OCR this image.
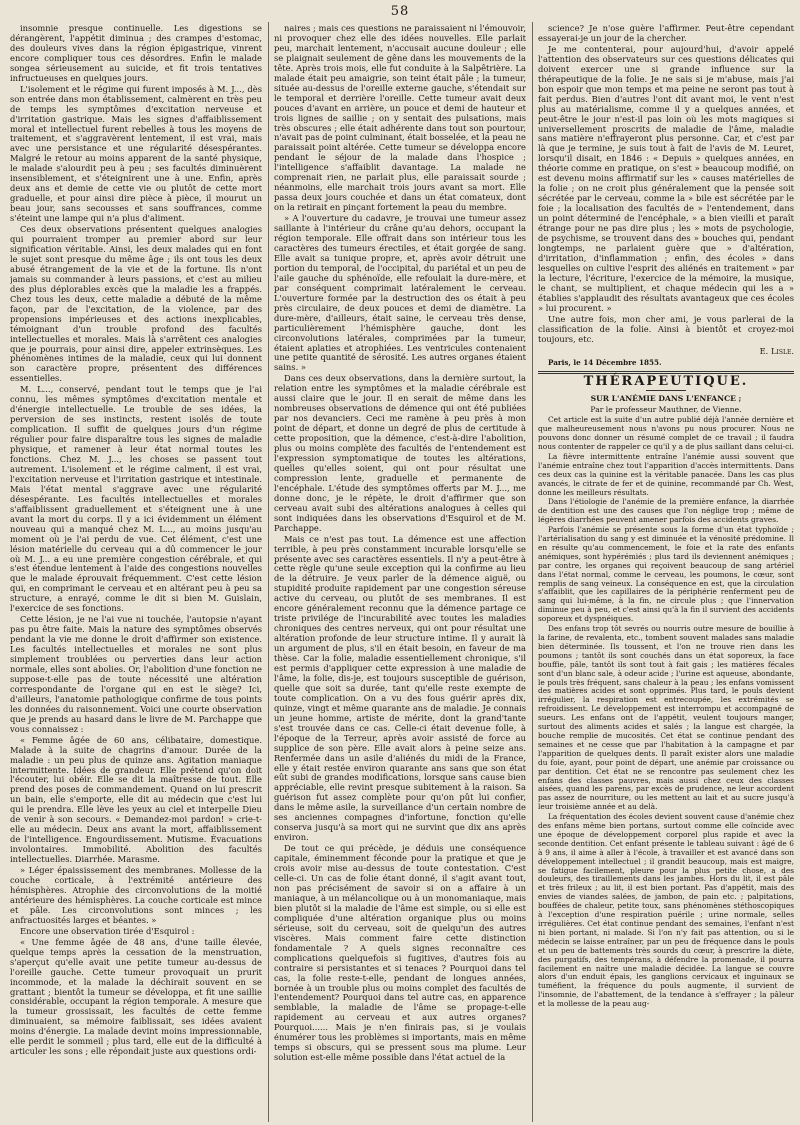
58

insomnie presque continuelle. Les digestions se dérangèrent, l'appétit diminua ; des crampes d'estomac, des douleurs vives dans la région épigastrique, vinrent encore compliquer tous ces désordres. Enfin le malade songea sérieusement au suicide, et fit trois tentatives infructueuses en quelques jours.

L'isolement et le régime qui furent imposés à M. J..., dès son entrée dans mon établissement, calmèrent en très peu de temps les symptômes d'excitation nerveuse et d'irritation gastrique. Mais les signes d'affaiblissement moral et intellectuel furent rebelles à tous les moyens de traitement, et s'aggravèrent lentement, il est vrai, mais avec une persistance et une régularité désespérantes. Malgré le retour au moins apparent de la santé physique, le malade s'alourdit peu à peu ; ses facultés diminuèrent insensiblement, et s'éteignirent une à une. Enfin, après deux ans et demie de cette vie ou plutôt de cette mort graduelle, et pour ainsi dire pièce à pièce, il mourut un beau jour, sans secousses et sans souffrances, comme s'éteint une lampe qui n'a plus d'aliment.

Ces deux observations présentent quelques analogies qui pourraient tromper au premier abord sur leur signification véritable. Ainsi, les deux malades qui en font le sujet sont presque du même âge ; ils ont tous les deux abusé étrangement de la vie et de la fortune. Ils n'ont jamais su commander à leurs passions, et c'est au milieu des plus déplorables excès que la maladie les a frappés. Chez tous les deux, cette maladie a débuté de la même façon, par de l'excitation, de la violence, par des propensions impérieuses et des actions inexplicables, témoignant d'un trouble profond des facultés intellectuelles et morales. Mais là s'arrêtent ces analogies que je pourrais, pour ainsi dire, appeler extrinsèques. Les phénomènes intimes de la maladie, ceux qui lui donnent son caractère propre, présentent des différences essentielles.

M. L..., conservé, pendant tout le temps que je l'ai connu, les mêmes symptômes d'excitation mentale et d'énergie intellectuelle. Le trouble de ses idées, la perversion de ses instincts, restent isolés de toute complication. Il suffit de quelques jours d'un régime régulier pour faire disparaître tous les signes de maladie physique, et ramener à leur état normal toutes les fonctions. Chez M. J..., les choses se passent tout autrement. L'isolement et le régime calment, il est vrai, l'excitation nerveuse et l'irritation gastrique et intestinale. Mais l'état mental s'aggrave avec une régularité désespérante. Les facultés intellectuelles et morales s'affaiblissent graduellement et s'éteignent une à une avant la mort du corps. Il y a ici évidemment un élément nouveau qui a manqué chez M. L..., au moins jusqu'au moment où je l'ai perdu de vue. Cet élément, c'est une lésion matérielle du cerveau qui a dû commencer le jour où M. J... a eu une première congestion cérébrale, et qui s'est étendue lentement à l'aide des congestions nouvelles que le malade éprouvait fréquemment. C'est cette lésion qui, en comprimant le cerveau et en altérant peu à peu sa structure, a enrayé, comme le dit si bien M. Guislain, l'exercice de ses fonctions.

Cette lésion, je ne l'ai vue ni touchée, l'autopsie n'ayant pas pu être faite. Mais la nature des symptômes observés pendant la vie me donne le droit d'affirmer son existence. Les facultés intellectuelles et morales ne sont plus simplement troublées ou perverties dans leur action normale, elles sont abolies. Or, l'abolition d'une fonction ne suppose-t-elle pas de toute nécessité une altération correspondante de l'organe qui en est le siège? Ici, d'ailleurs, l'anatomie pathologique confirme de tous points les données du raisonnement. Voici une courte observation que je prends au hasard dans le livre de M. Parchappe que vous connaissez :

« Femme âgée de 60 ans, célibataire, domestique. Malade à la suite de chagrins d'amour. Durée de la maladie : un peu plus de quinze ans. Agitation maniaque intermittente. Idées de grandeur. Elle prétend qu'on doit l'écouter, lui obéir. Elle se dit la maîtresse de tout. Elle prend des poses de commandement. Quand on lui prescrit un bain, elle s'emporte, elle dit au médecin que c'est lui qui le prendra. Elle lève les yeux au ciel et interpelle Dieu de venir à son secours. « Demandez-moi pardon! » crie-t-elle au médecin. Deux ans avant la mort, affaiblissement de l'intelligence. Engourdissement. Mutisme. Évacuations involontaires. Immobilité. Abolition des facultés intellectuelles. Diarrhée. Marasme.

» Léger épaississement des membranes. Mollesse de la couche corticale, à l'extrémité antérieure des hémisphères. Atrophie des circonvolutions de la moitié antérieure des hémisphères. La couche corticale est mince et pâle. Les circonvolutions sont minces ; les anfractuosités larges et béantes. »

Encore une observation tirée d'Esquirol :

« Une femme âgée de 48 ans, d'une taille élevée, quelque temps après la cessation de la menstruation, s'aperçut qu'elle avait une petite tumeur au-dessus de l'oreille gauche. Cette tumeur provoquait un prurit incommode, et la malade la déchirait souvent en se grattant ; bientôt la tumeur se développa, et fit une saillie considérable, occupant la région temporale. A mesure que la tumeur grossissait, les facultés de cette femme diminuaient, sa mémoire faiblissait, ses idées avaient moins d'énergie. La malade devint moins impressionnable, elle perdit le sommeil ; plus tard, elle eut de la difficulté à articuler les sons ; elle répondait juste aux questions ordi-

naires ; mais ces questions ne paraissaient ni l'émouvoir, ni provoquer chez elle des idées nouvelles. Elle parlait peu, marchait lentement, n'accusait aucune douleur ; elle se plaignait seulement de gêne dans les mouvements de la tête. Après trois mois, elle fut conduite à la Salpêtrière. La malade était peu amaigrie, son teint était pâle ; la tumeur, située au-dessus de l'oreille externe gauche, s'étendait sur le temporal et derrière l'oreille. Cette tumeur avait deux pouces d'avant en arrière, un pouce et demi de hauteur et trois lignes de saillie ; on y sentait des pulsations, mais très obscures ; elle était adhérente dans tout son pourtour, n'avait pas de point culminant, était bosselée, et la peau ne paraissait point altérée. Cette tumeur se développa encore pendant le séjour de la malade dans l'hospice ; l'intelligence s'affaiblit davantage. La malade ne comprenait rien, ne parlait plus, elle paraissait sourde ; néanmoins, elle marchait trois jours avant sa mort. Elle passa deux jours couchée et dans un état comateux, dont on la retirait en pinçant fortement la peau du membre.

» A l'ouverture du cadavre, je trouvai une tumeur assez saillante à l'intérieur du crâne qu'au dehors, occupant la région temporale. Elle offrait dans son intérieur tous les caractères des tumeurs érectiles, et était gorgée de sang. Elle avait sa tunique propre, et, après avoir détruit une portion du temporal, de l'occipital, du pariétal et un peu de l'aile gauche du sphénoïde, elle refoulait la dure-mère, et par conséquent comprimait latéralement le cerveau. L'ouverture formée par la destruction des os était à peu près circulaire, de deux pouces et demi de diamètre. La dure-mère, d'ailleurs, était saine, le cerveau très dense, particulièrement l'hémisphère gauche, dont les circonvolutions latérales, comprimées par la tumeur, étaient aplaties et atrophiées. Les ventricules contenaient une petite quantité de sérosité. Les autres organes étaient sains. »

Dans ces deux observations, dans la dernière surtout, la relation entre les symptômes et la maladie cérébrale est aussi claire que le jour. Il en serait de même dans les nombreuses observations de démence qui ont été publiées par nos devanciers. Ceci me ramène à peu près à mon point de départ, et donne un degré de plus de certitude à cette proposition, que la démence, c'est-à-dire l'abolition, plus ou moins complète des facultés de l'entendement est l'expression symptomatique de toutes les altérations, quelles qu'elles soient, qui ont pour résultat une compression lente, graduelle et permanente de l'encéphale. L'étude des symptômes offerts par M. J..., me donne donc, je le répète, le droit d'affirmer que son cerveau avait subi des altérations analogues à celles qui sont indiquées dans les observations d'Esquirol et de M. Parchappe.

Mais ce n'est pas tout. La démence est une affection terrible, à peu près constamment incurable lorsqu'elle se présente avec ses caractères essentiels. Il n'y a peut-être à cette règle qu'une seule exception qui la confirme au lieu de la détruire. Je veux parler de la démence aiguë, ou stupidité produite rapidement par une congestion séreuse active du cerveau, ou plutôt de ses membranes. Il est encore généralement reconnu que la démence partage ce triste privilége de l'incurabilité avec toutes les maladies chroniques des centres nerveux, qui ont pour résultat une altération profonde de leur structure intime. Il y aurait là un argument de plus, s'il en était besoin, en faveur de ma thèse. Car la folie, maladie essentiellement chronique, s'il est permis d'appliquer cette expression à une maladie de l'âme, la folie, dis-je, est toujours susceptible de guérison, quelle que soit sa durée, tant qu'elle reste exempte de toute complication. On a vu des fous guérir après dix, quinze, vingt et même quarante ans de maladie. Je connais un jeune homme, artiste de mérite, dont la grand'tante s'est trouvée dans ce cas. Celle-ci était devenue folle, à l'époque de la Terreur, après avoir assisté de force au supplice de son père. Elle avait alors à peine seize ans. Renfermée dans un asile d'aliénés du midi de la France, elle y était restée environ quarante ans sans que son état eût subi de grandes modifications, lorsque sans cause bien appréciable, elle revint presque subitement à la raison. Sa guérison fut assez complète pour qu'on pût lui confier, dans le même asile, la surveillance d'un certain nombre de ses anciennes compagnes d'infortune, fonction qu'elle conserva jusqu'à sa mort qui ne survint que dix ans après environ.

De tout ce qui précède, je déduis une conséquence capitale, éminemment féconde pour la pratique et que je crois avoir mise au-dessus de toute contestation. C'est celle-ci. Un cas de folie étant donné, il s'agit avant tout, non pas précisément de savoir si on a affaire à un maniaque, à un mélancolique ou à un monomaniaque, mais bien plutôt si la maladie de l'âme est simple, ou si elle est compliquée d'une altération organique plus ou moins sérieuse, soit du cerveau, soit de quelqu'un des autres viscères. Mais comment faire cette distinction fondamentale ? A quels signes reconnaître ces complications quelquefois si fugitives, d'autres fois au contraire si persistantes et si tenaces ? Pourquoi dans tel cas, la folie reste-t-elle, pendant de longues années, bornée à un trouble plus ou moins complet des facultés de l'entendement? Pourquoi dans tel autre cas, en apparence semblable, la maladie de l'âme se propage-t-elle rapidement au cerveau et aux autres organes? Pourquoi...... Mais je n'en finirais pas, si je voulais énumérer tous les problèmes si importants, mais en même temps si obscurs, qui se pressent sous ma plume. Leur solution est-elle même possible dans l'état actuel de la

science? Je n'ose guère l'affirmer. Peut-être cependant essayerai-je un jour de la chercher.

Je me contenterai, pour aujourd'hui, d'avoir appelé l'attention des observateurs sur ces questions délicates qui doivent exercer une si grande influence sur la thérapeutique de la folie. Je ne sais si je m'abuse, mais j'ai bon espoir que mon temps et ma peine ne seront pas tout à fait perdus. Bien d'autres l'ont dit avant moi, le vent n'est plus au matérialisme, comme il y a quelques années, et peut-être le jour n'est-il pas loin où les mots magiques si universellement proscrits de maladie de l'âme, maladie sans matière n'effrayeront plus personne. Car, et c'est par là que je termine, je suis tout à fait de l'avis de M. Leuret, lorsqu'il disait, en 1846 : « Depuis » quelques années, en théorie comme en pratique, on s'est » beaucoup modifié, on est devenu moins affirmatif sur les » causes matérielles de la folie ; on ne croit plus généralement que la pensée soit sécrétée par le cerveau, comme la » bile est sécrétée par le foie ; la localisation des facultés de » l'entendement, dans un point déterminé de l'encéphale, » a bien vieilli et paraît étrange pour ne pas dire plus ; les » mots de psychologie, de psychisme, se trouvent dans des » bouches qui, pendant longtemps, ne parlaient guère que » d'altération, d'irritation, d'inflammation ; enfin, des écoles » dans lesquelles on cultive l'esprit des aliénés en traitement » par la lecture, l'écriture, l'exercice de la mémoire, la musique, le chant, se multiplient, et chaque médecin qui les a » établies s'applaudit des résultats avantageux que ces écoles » lui procurent. »

Une autre fois, mon cher ami, je vous parlerai de la classification de la folie. Ainsi à bientôt et croyez-moi toujours, etc.

E. Lisle.
Paris, le 14 Décembre 1855.
THÉRAPEUTIQUE.

SUR L'ANÉMIE DANS L'ENFANCE ;

Par le professeur Mauthner, de Vienne.

Cet article est la suite d'un autre publié déjà l'année dernière et que malheureusement nous n'avons pu nous procurer. Nous ne pouvons donc donner un résumé complet de ce travail ; il faudra nous contenter de rappeler ce qu'il y a de plus saillant dans celui-ci.

La fièvre intermittente entraîne l'anémie aussi souvent que l'anémie entraîne chez tout l'apparition d'accès intermittents. Dans ces deux cas la quinine est la véritable panacée. Dans les cas plus avancés, le citrate de fer et de quinine, recommandé par Ch. West, donne les meilleurs résultats.

Dans l'étiologie de l'anémie de la première enfance, la diarrhée de dentition est une des causes que l'on néglige trop ; même de légères diarrhées peuvent amener parfois des accidents graves.

Parfois l'anémie se présente sous la forme d'un état typhoïde ; l'artérialisation du sang y est diminuée et la vénosité prédomine. Il en résulte qu'au commencement, le foie et la rate des enfants anémiques, sont hypérémiés ; plus tard ils deviennent anémiques ; par contre, les organes qui reçoivent beaucoup de sang artériel dans l'état normal, comme le cerveau, les poumons, le cœur, sont remplis de sang veineux. La conséquence en est, que la circulation s'affaiblit, que les capillaires de la périphérie renferment peu de sang qui lui-même, à la fin, ne circule plus ; que l'innervation diminue peu à peu, et c'est ainsi qu'à la fin il survient des accidents soporeux et dyspnéiques.

Des enfans trop tôt sevrés ou nourris outre mesure de bouillie à la farine, de revalenta, etc., tombent souvent malades sans maladie bien déterminée. Ils toussent, et l'on ne trouve rien dans les poumons ; tantôt ils sont couchés dans un état soporeux, la face bouffie, pâle, tantôt ils sont tout à fait gais ; les matières fécales sont d'un blanc sale, à odeur acide ; l'urine est aqueuse, abondante, le pouls très fréquent, sans chaleur à la peau ; les enfans vomissent des matières acides et sont opprimés. Plus tard, le pouls devient irrégulier, la respiration est entrecoupée, les extrémités se refroidissent. Le développement est interrompu et accompagné de sueurs. Les enfans ont de l'appétit, veulent toujours manger, surtout des aliments acides et salés ; la langue est chargée, la bouche remplie de mucosités. Cet état se continue pendant des semaines et ne cesse que par l'habitation à la campagne et par l'apparition de quelques dents. Il paraît exister alors une maladie du foie, ayant, pour point de départ, une anémie par croissance ou par dentition. Cet état ne se rencontre pas seulement chez les enfans des classes pauvres, mais aussi chez ceux des classes aisées, quand les parens, par excès de prudence, ne leur accordent pas assez de nourriture, ou les mettent au lait et au sucre jusqu'à leur troisième année et au delà.

La fréquentation des écoles devient souvent cause d'anémie chez des enfans même bien portans, surtout comme elle coïncide avec une époque de développement corporel plus rapide et avec la seconde dentition. Cet enfant présente le tableau suivant : âgé de 6 à 9 ans, il aime à aller à l'école, à travailler et est avancé dans son développement intellectuel ; il grandit beaucoup, mais est maigre, se fatigue facilement, pleure pour la plus petite chose, a des douleurs, des tiraillements dans les jambes. Hors du lit, il est pâle et très frileux ; au lit, il est bien portant. Pas d'appétit, mais des envies de viandes salées, de jambon, de pain etc. ; palpitations, bouffées de chaleur, petite toux, sans phénomènes stéthoscopiques à l'exception d'une respiration puérile ; urine normale, selles irrégulières. Cet état continue pendant des semaines, l'enfant n'est ni bien portant, ni malade. Si l'on n'y fait pas attention, ou si le médecin se laisse entraîner, par un peu de fréquence dans le pouls et un peu de battements très sourds du cœur, à prescrire la diète, des purgatifs, des tempérans, à défendre la promenade, il pourra facilement en naître une maladie décidée. La langue se couvre alors d'un enduit épais, les ganglions cervicaux et inguinaux se tuméfient, la fréquence du pouls augmente, il survient de l'insomnie, de l'abattement, de la tendance à s'effrayer ; la pâleur et la mollesse de la peau aug-
